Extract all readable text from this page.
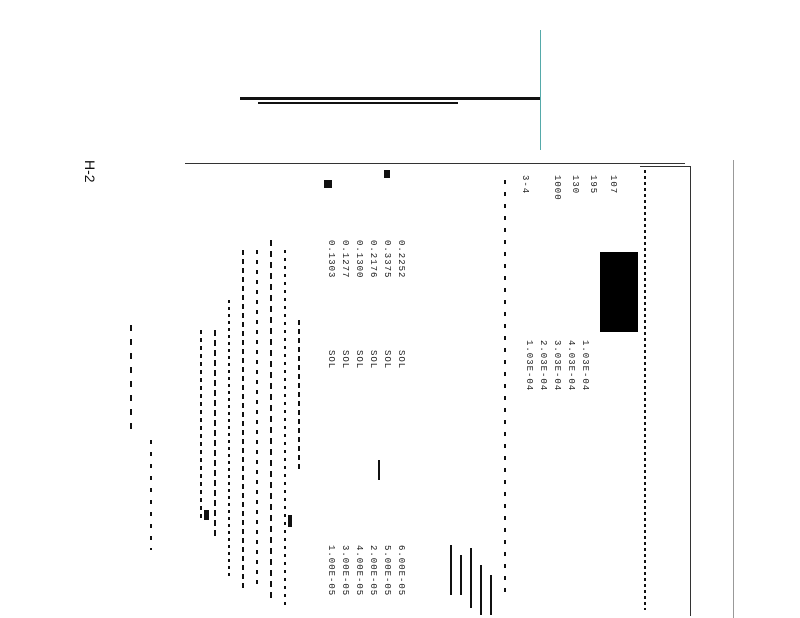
H-2
SOL SOL SOL SOL SOL SOL
0.1303 0.1277 0.1300 0.2176 0.3375 0.2252
1.03E-04 2.03E-04 3.03E-04 4.03E-04 1.03E-04
1.00E-05 3.00E-05 4.00E-05 2.00E-05 5.00E-05 6.00E-05
107
195
130
1000
3-4
